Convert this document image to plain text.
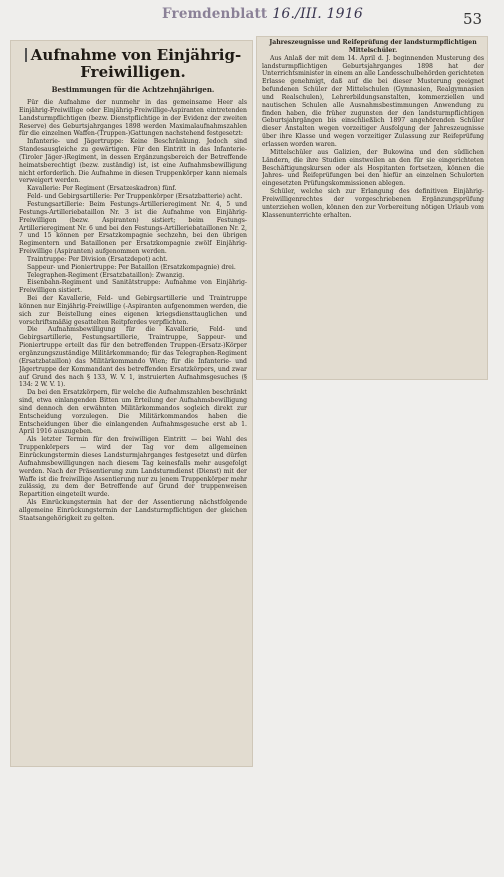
Fremdenblatt 16./III. 1916	53
Aufnahme von Einjährig-
Freiwilligen.
Bestimmungen für die Achtzehnjährigen.

Für die Aufnahme der nunmehr in das gemeinsame Heer als Einjährig-Freiwillige oder Einjährig-Freiwillige-Aspiranten eintretenden Landsturmpflichtigen (bezw. Dienstpflichtige in der Evidenz der zweiten Reserve) des Geburtsjahrganges 1898 werden Maximalaufnahmszahlen für die einzelnen Waffen-(Truppen-)Gattungen nachstehend festgesetzt:

Infanterie- und Jägertruppe: Keine Beschränkung. Jedoch sind Standesausgleiche zu gewärtigen. Für den Eintritt in das Infanterie-(Tiroler Jäger-)Regiment, in dessen Ergänzungsbereich der Betreffende heimatsberechtigt (bezw. zuständig) ist, ist eine Aufnahmsbewilligung nicht erforderlich. Die Aufnahme in diesen Truppenkörper kann niemals verweigert werden.

Kavallerie: Per Regiment (Ersatzeskadron) fünf.

Feld- und Gebirgsartillerie: Per Truppenkörper (Ersatzbatterie) acht.

Festungsartillerie: Beim Festungs-Artillerieregiment Nr. 4, 5 und Festungs-Artilleriebataillon Nr. 3 ist die Aufnahme von Einjährig-Freiwilligen (bezw. Aspiranten) sistiert; beim Festungs-Artillerieregiment Nr. 6 und bei den Festungs-Artilleriebataillonen Nr. 2, 7 und 15 können per Ersatzkompagnie sechzehn, bei den übrigen Regimentern und Bataillonen per Ersatzkompagnie zwölf Einjährig-Freiwillige (Aspiranten) aufgenommen werden.

Traintruppe: Per Division (Ersatzdepot) acht.

Sappeur- und Pioniertruppe: Per Bataillon (Ersatzkompagnie) drei.

Telegraphen-Regiment (Ersatzbataillon): Zwanzig.

Eisenbahn-Regiment und Sanitätstruppe: Aufnahme von Einjährig-Freiwilligen sistiert.

Bei der Kavallerie, Feld- und Gebirgsartillerie und Traintruppe können nur Einjährig-Freiwillige (-Aspiranten aufgenommen werden, die sich zur Beistellung eines eigenen kriegsdiensttauglichen und vorschriftsmäßig gesattelten Reitpferdes verpflichten.

Die Aufnahmsbewilligung für die Kavallerie, Feld- und Gebirgsartillerie, Festungsartillerie, Traintruppe, Sappeur- und Pioniertruppe erteilt das für den betreffenden Truppen-(Ersatz-)Körper ergänzungszuständige Militärkommando; für das Telegraphen-Regiment (Ersatzbataillon) das Militärkommando Wien; für die Infanterie- und Jägertruppe der Kommandant des betreffenden Ersatzkörpers, und zwar auf Grund des nach § 133, W. V. 1, instruierten Aufnahmsgesuches (§ 134: 2 W. V. 1).

Da bei den Ersatzkörpern, für welche die Aufnahmszahlen beschränkt sind, etwa einlangenden Bitten um Erteilung der Aufnahmsbewilligung sind dennoch den erwähnten Militärkommandos sogleich direkt zur Entscheidung vorzulegen. Die Militärkommandos haben die Entscheidungen über die einlangenden Aufnahmsgesuche erst ab 1. April 1916 auszugeben.

Als letzter Termin für den freiwilligen Eintritt — bei Wahl des Truppenkörpers — wird der Tag vor dem allgemeinen Einrückungstermin dieses Landsturmjahrganges festgesetzt und dürfen Aufnahmsbewilligungen nach diesem Tag keinesfalls mehr ausgefolgt werden. Nach der Präsentierung zum Landsturmdienst (Dienst) mit der Waffe ist die freiwillige Assentierung nur zu jenem Truppenkörper mehr zulässig, zu dem der Betreffende auf Grund der truppenweisen Repartition eingeteilt wurde.

Als Einrückungstermin hat der der Assentierung nächstfolgende allgemeine Einrückungstermin der Landsturmpflichtigen der gleichen Staatsangehörigkeit zu gelten.

Jahreszeugnisse und Reifeprüfung der landsturmpflichtigen Mittelschüler.

Aus Anlaß der mit dem 14. April d. J. beginnenden Musterung des landsturmpflichtigen Geburtsjahrganges 1898 hat der Unterrichtsminister in einem an alle Landesschulbehörden gerichteten Erlasse genehmigt, daß auf die bei dieser Musterung geeignet befundenen Schüler der Mittelschulen (Gymnasien, Realgymnasien und Realschulen), Lehrerbildungsanstalten, kommerziellen und nautischen Schulen alle Ausnahmsbestimmungen Anwendung zu finden haben, die früher zugunsten der den landsturmpflichtigen Geburtsjahrgängen bis einschließlich 1897 angehörenden Schüler dieser Anstalten wegen vorzeitiger Ausfolgung der Jahreszeugnisse über ihre Klasse und wegen vorzeitiger Zulassung zur Reifeprüfung erlassen worden waren.

Mittelschüler aus Galizien, der Bukowina und den südlichen Ländern, die ihre Studien einstweilen an den für sie eingerichteten Beschäftigungskursen oder als Hospitanten fortsetzen, können die Jahres- und Reifeprüfungen bei den hiefür an einzelnen Schulorten eingesetzten Prüfungskommissionen ablegen.

Schüler, welche sich zur Erlangung des definitiven Einjährig-Freiwilligenrechtes der vorgeschriebenen Ergänzungsprüfung unterziehen wollen, können den zur Vorbereitung nötigen Urlaub vom Klassenunterrichte erhalten.
